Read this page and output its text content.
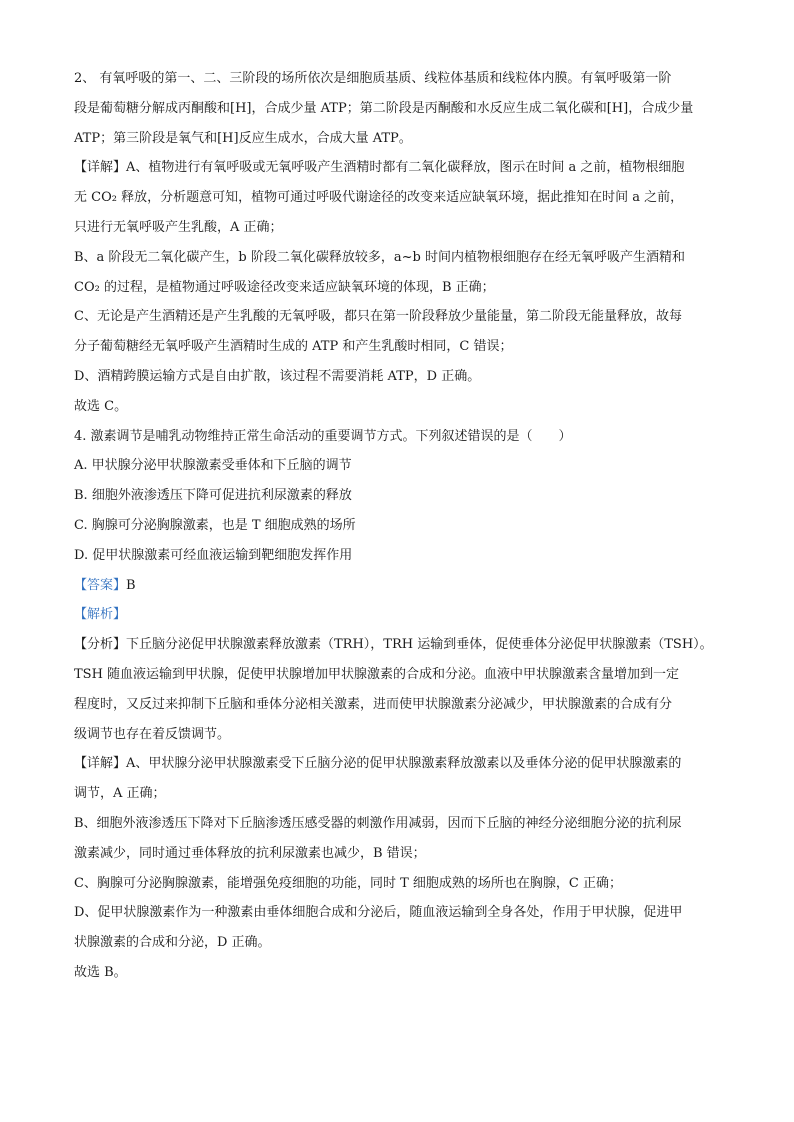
2、 有氧呼吸的第一、二、三阶段的场所依次是细胞质基质、线粒体基质和线粒体内膜。有氧呼吸第一阶
段是葡萄糖分解成丙酮酸和[H]，合成少量 ATP；第二阶段是丙酮酸和水反应生成二氧化碳和[H]，合成少量
ATP；第三阶段是氧气和[H]反应生成水，合成大量 ATP。
【详解】A、植物进行有氧呼吸或无氧呼吸产生酒精时都有二氧化碳释放，图示在时间 a 之前，植物根细胞
无 CO₂ 释放，分析题意可知，植物可通过呼吸代谢途径的改变来适应缺氧环境，据此推知在时间 a 之前，
只进行无氧呼吸产生乳酸，A 正确；
B、a 阶段无二氧化碳产生，b 阶段二氧化碳释放较多，a~b 时间内植物根细胞存在经无氧呼吸产生酒精和
CO₂ 的过程，是植物通过呼吸途径改变来适应缺氧环境的体现，B 正确；
C、无论是产生酒精还是产生乳酸的无氧呼吸，都只在第一阶段释放少量能量，第二阶段无能量释放，故每
分子葡萄糖经无氧呼吸产生酒精时生成的 ATP 和产生乳酸时相同，C 错误；
D、酒精跨膜运输方式是自由扩散，该过程不需要消耗 ATP，D 正确。
故选 C。
4. 激素调节是哺乳动物维持正常生命活动的重要调节方式。下列叙述错误的是（　　）
A. 甲状腺分泌甲状腺激素受垂体和下丘脑的调节
B. 细胞外液渗透压下降可促进抗利尿激素的释放
C. 胸腺可分泌胸腺激素，也是 T 细胞成熟的场所
D. 促甲状腺激素可经血液运输到靶细胞发挥作用
【答案】B
【解析】
【分析】下丘脑分泌促甲状腺激素释放激素（TRH），TRH 运输到垂体，促使垂体分泌促甲状腺激素（TSH）。
TSH 随血液运输到甲状腺，促使甲状腺增加甲状腺激素的合成和分泌。血液中甲状腺激素含量增加到一定
程度时，又反过来抑制下丘脑和垂体分泌相关激素，进而使甲状腺激素分泌减少，甲状腺激素的合成有分
级调节也存在着反馈调节。
【详解】A、甲状腺分泌甲状腺激素受下丘脑分泌的促甲状腺激素释放激素以及垂体分泌的促甲状腺激素的
调节，A 正确；
B、细胞外液渗透压下降对下丘脑渗透压感受器的刺激作用减弱，因而下丘脑的神经分泌细胞分泌的抗利尿
激素减少，同时通过垂体释放的抗利尿激素也减少，B 错误；
C、胸腺可分泌胸腺激素，能增强免疫细胞的功能，同时 T 细胞成熟的场所也在胸腺，C 正确；
D、促甲状腺激素作为一种激素由垂体细胞合成和分泌后，随血液运输到全身各处，作用于甲状腺，促进甲
状腺激素的合成和分泌，D 正确。
故选 B。
